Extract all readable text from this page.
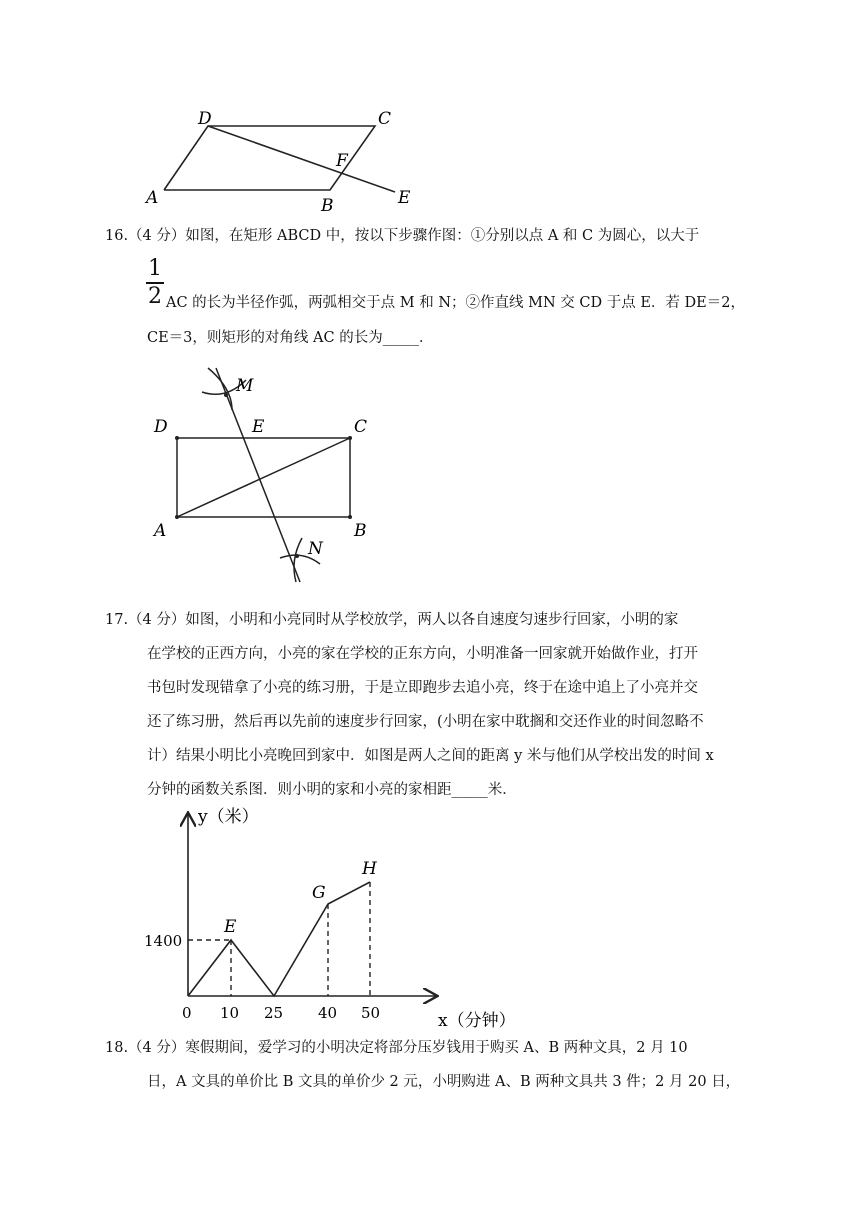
D	C
F
A	B	E

16.（4 分）如图，在矩形 ABCD 中，按以下步骤作图：①分别以点 A 和 C 为圆心，以大于

1
2 AC 的长为半径作弧，两弧相交于点 M 和 N；②作直线 MN 交 CD 于点 E．若 DE＝2，

CE＝3，则矩形的对角线 AC 的长为_____．

M
D	E	C
A	B
N

17.（4 分）如图，小明和小亮同时从学校放学，两人以各自速度匀速步行回家，小明的家

在学校的正西方向，小亮的家在学校的正东方向，小明准备一回家就开始做作业，打开

书包时发现错拿了小亮的练习册，于是立即跑步去追小亮，终于在途中追上了小亮并交

还了练习册，然后再以先前的速度步行回家，(小明在家中耽搁和交还作业的时间忽略不

计）结果小明比小亮晚回到家中．如图是两人之间的距离 y 米与他们从学校出发的时间 x

分钟的函数关系图．则小明的家和小亮的家相距_____米．

y（米）
x（分钟）
0 10 25 40 50
1400
E
G
H

18.（4 分）寒假期间，爱学习的小明决定将部分压岁钱用于购买 A、B 两种文具，2 月 10

日，A 文具的单价比 B 文具的单价少 2 元，小明购进 A、B 两种文具共 3 件；2 月 20 日，
